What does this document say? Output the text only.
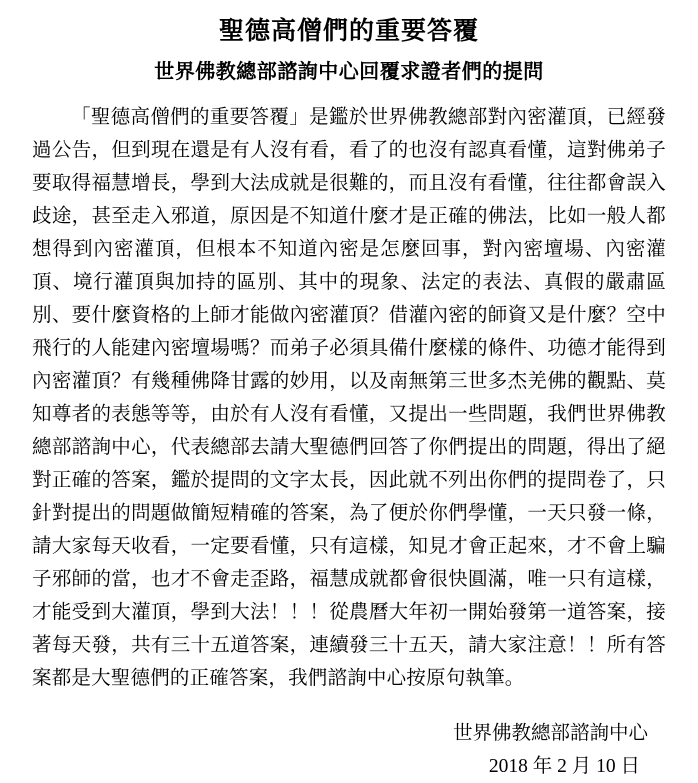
聖德高僧們的重要答覆
世界佛教總部諮詢中心回覆求證者們的提問

「聖德高僧們的重要答覆」是鑑於世界佛教總部對內密灌頂，已經發過公告，但到現在還是有人沒有看，看了的也沒有認真看懂，這對佛弟子要取得福慧增長，學到大法成就是很難的，而且沒有看懂，往往都會誤入歧途，甚至走入邪道，原因是不知道什麼才是正確的佛法，比如一般人都想得到內密灌頂，但根本不知道內密是怎麼回事，對內密壇場、內密灌頂、境行灌頂與加持的區別、其中的現象、法定的表法、真假的嚴肅區別、要什麼資格的上師才能做內密灌頂？借灌內密的師資又是什麼？空中飛行的人能建內密壇場嗎？而弟子必須具備什麼樣的條件、功德才能得到內密灌頂？有幾種佛降甘露的妙用，以及南無第三世多杰羌佛的觀點、莫知尊者的表態等等，由於有人沒有看懂，又提出一些問題，我們世界佛教總部諮詢中心，代表總部去請大聖德們回答了你們提出的問題，得出了絕對正確的答案，鑑於提問的文字太長，因此就不列出你們的提問卷了，只針對提出的問題做簡短精確的答案，為了便於你們學懂，一天只發一條，請大家每天收看，一定要看懂，只有這樣，知見才會正起來，才不會上騙子邪師的當，也才不會走歪路，福慧成就都會很快圓滿，唯一只有這樣，才能受到大灌頂，學到大法！！！從農曆大年初一開始發第一道答案，接著每天發，共有三十五道答案，連續發三十五天，請大家注意！！所有答案都是大聖德們的正確答案，我們諮詢中心按原句執筆。

世界佛教總部諮詢中心
2018 年 2 月 10 日
